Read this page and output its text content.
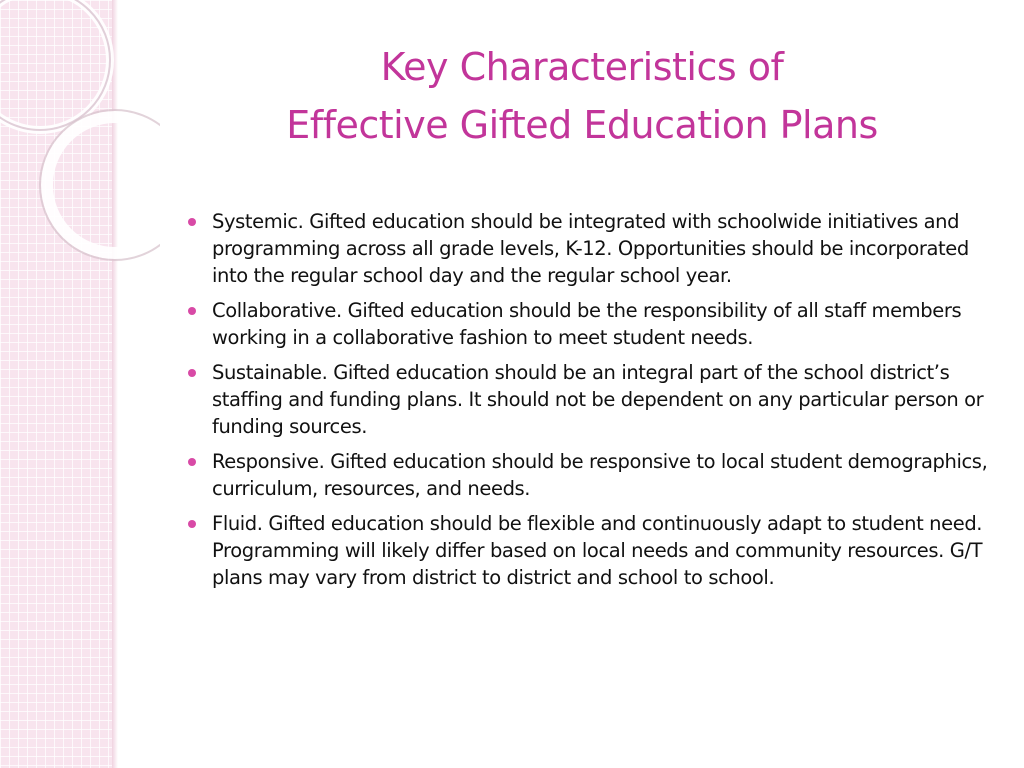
Key Characteristics of
Effective Gifted Education Plans
Systemic. Gifted education should be integrated with schoolwide initiatives and programming across all grade levels, K-12. Opportunities should be incorporated into the regular school day and the regular school year.
Collaborative. Gifted education should be the responsibility of all staff members working in a collaborative fashion to meet student needs.
Sustainable. Gifted education should be an integral part of the school district’s staffing and funding plans. It should not be dependent on any particular person or funding sources.
Responsive. Gifted education should be responsive to local student demographics, curriculum, resources, and needs.
Fluid. Gifted education should be flexible and continuously adapt to student need. Programming will likely differ based on local needs and community resources. G/T plans may vary from district to district and school to school.
